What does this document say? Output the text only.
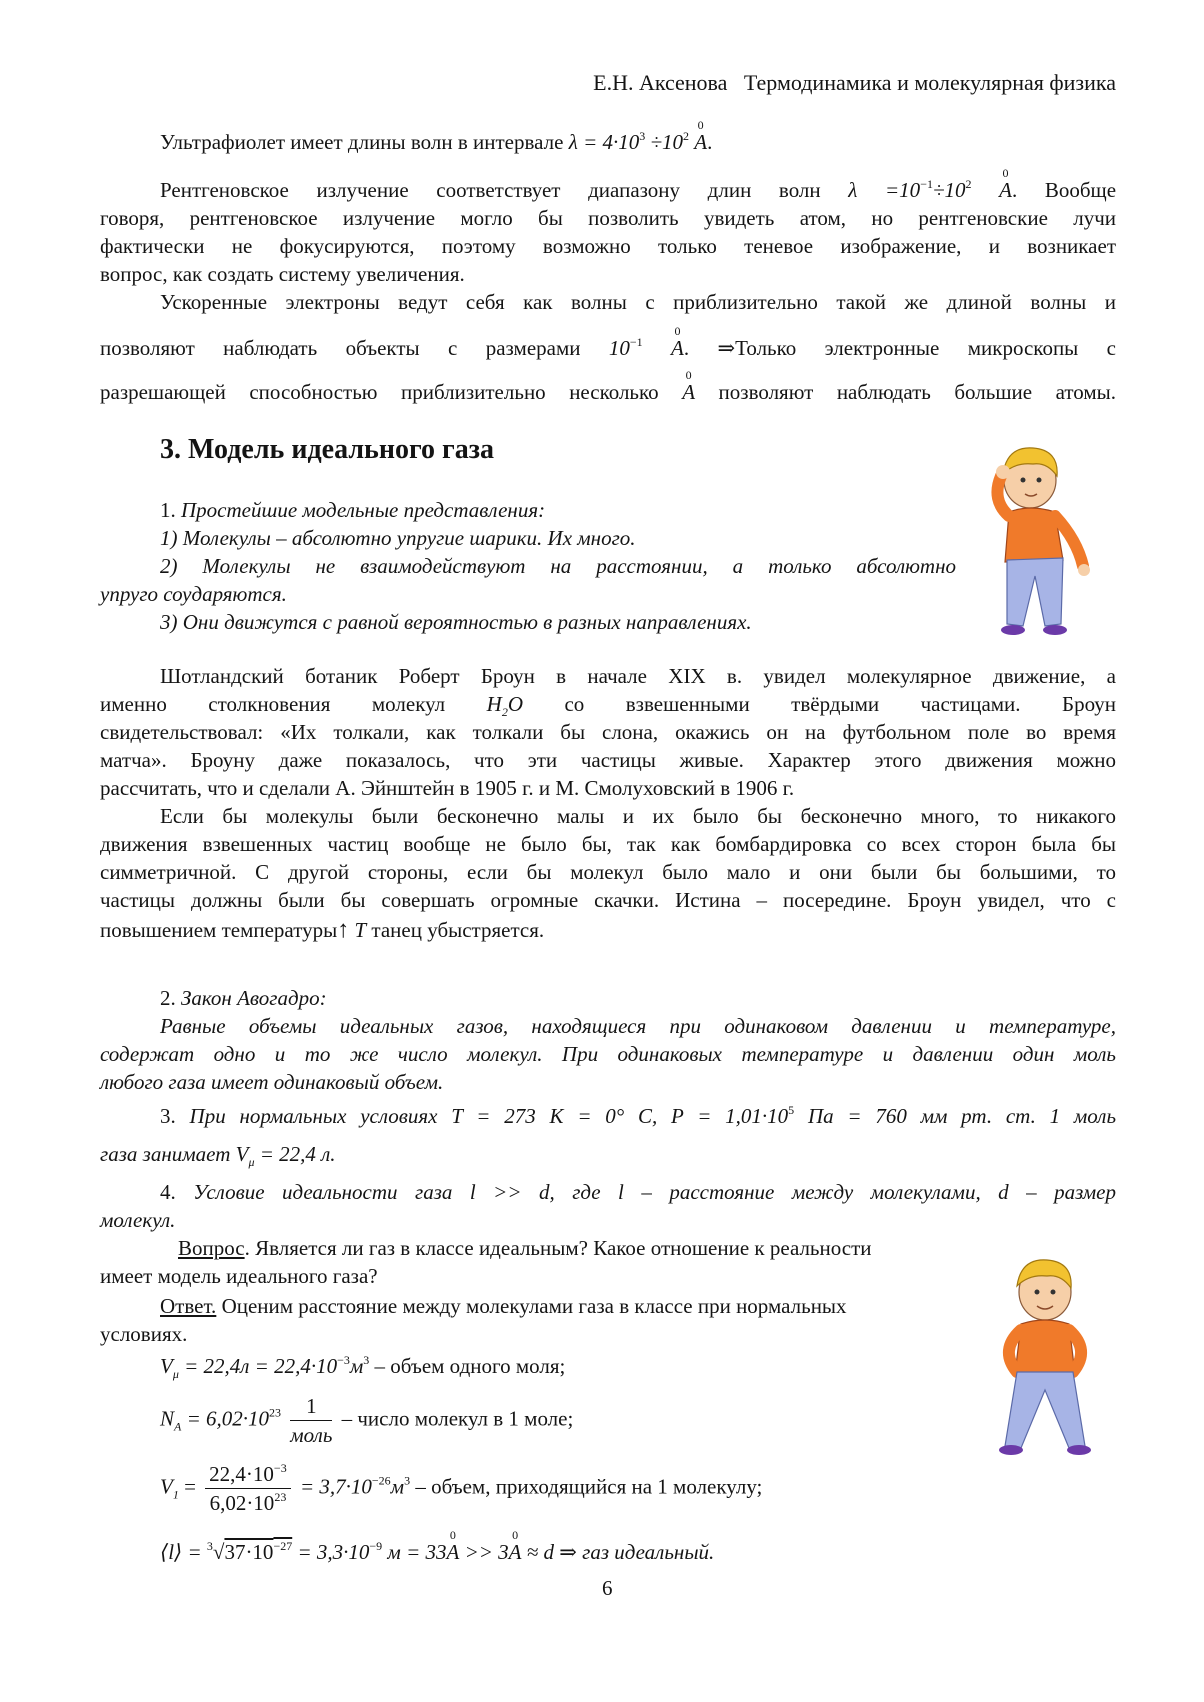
Е.Н. Аксенова Термодинамика и молекулярная физика
Ультрафиолет имеет длины волн в интервале $\lambda = 4\cdot 10^3 \div 10^2$ 0 A.
Рентгеновское излучение соответствует диапазону длин волн $\lambda =10^{-1}\div 10^2$ 0 A. Вообще
говоря, рентгеновское излучение могло бы позволить увидеть атом, но рентгеновские лучи
фактически не фокусируются, поэтому возможно только теневое изображение, и возникает
вопрос, как создать систему увеличения.
Ускоренные электроны ведут себя как волны с приблизительно такой же длиной волны и
позволяют наблюдать объекты с размерами $10^{-1}$ 0 A. ⇒Только электронные микроскопы с
разрешающей способностью приблизительно несколько 0 A позволяют наблюдать большие атомы.
3. Модель идеального газа
1. Простейшие модельные представления:
1) Молекулы – абсолютно упругие шарики. Их много.
2) Молекулы не взаимодействуют на расстоянии, а только абсолютно
упруго соударяются.
3) Они движутся с равной вероятностью в разных направлениях.
Шотландский ботаник Роберт Броун в начале XIX в. увидел молекулярное движение, а
именно столкновения молекул $H_2O$ со взвешенными твёрдыми частицами. Броун
свидетельствовал: «Их толкали, как толкали бы слона, окажись он на футбольном поле во время
матча». Броуну даже показалось, что эти частицы живые. Характер этого движения можно
рассчитать, что и сделали А. Эйнштейн в 1905 г. и М. Смолуховский в 1906 г.
Если бы молекулы были бесконечно малы и их было бы бесконечно много, то никакого
движения взвешенных частиц вообще не было бы, так как бомбардировка со всех сторон была бы
симметричной. С другой стороны, если бы молекул было мало и они были бы большими, то
частицы должны были бы совершать огромные скачки. Истина – посередине. Броун увидел, что с
повышением температуры↑ T танец убыстряется.
2. Закон Авогадро:
Равные объемы идеальных газов, находящиеся при одинаковом давлении и температуре,
содержат одно и то же число молекул. При одинаковых температуре и давлении один моль
любого газа имеет одинаковый объем.
3. При нормальных условиях T = 273 K = 0° C, $P = 1,01\cdot 10^5$ Па = 760 мм рт. ст. 1 моль
газа занимает $V_\mu = 22,4$ л.
4. Условие идеальности газа l >> d, где l – расстояние между молекулами, d – размер
молекул.
Вопрос. Является ли газ в классе идеальным? Какое отношение к реальности
имеет модель идеального газа?
Ответ. Оценим расстояние между молекулами газа в классе при нормальных
условиях.
$V_\mu = 22,4л = 22,4\cdot 10^{-3}м^3$ – объем одного моля;
$N_A = 6,02\cdot 10^{23} \frac{1}{\text{моль}}$ – число молекул в 1 моле;
$V_1 = \frac{22,4\cdot 10^{-3}}{6,02\cdot 10^{23}} = 3,7\cdot 10^{-26}м^3$ – объем, приходящийся на 1 молекулу;
⟨l⟩ = $^3√37\cdot 10^{-27} = 3,3\cdot 10^{-9}$ м = 330 A >> 30 A ≈ d ⇒ газ идеальный.
6
